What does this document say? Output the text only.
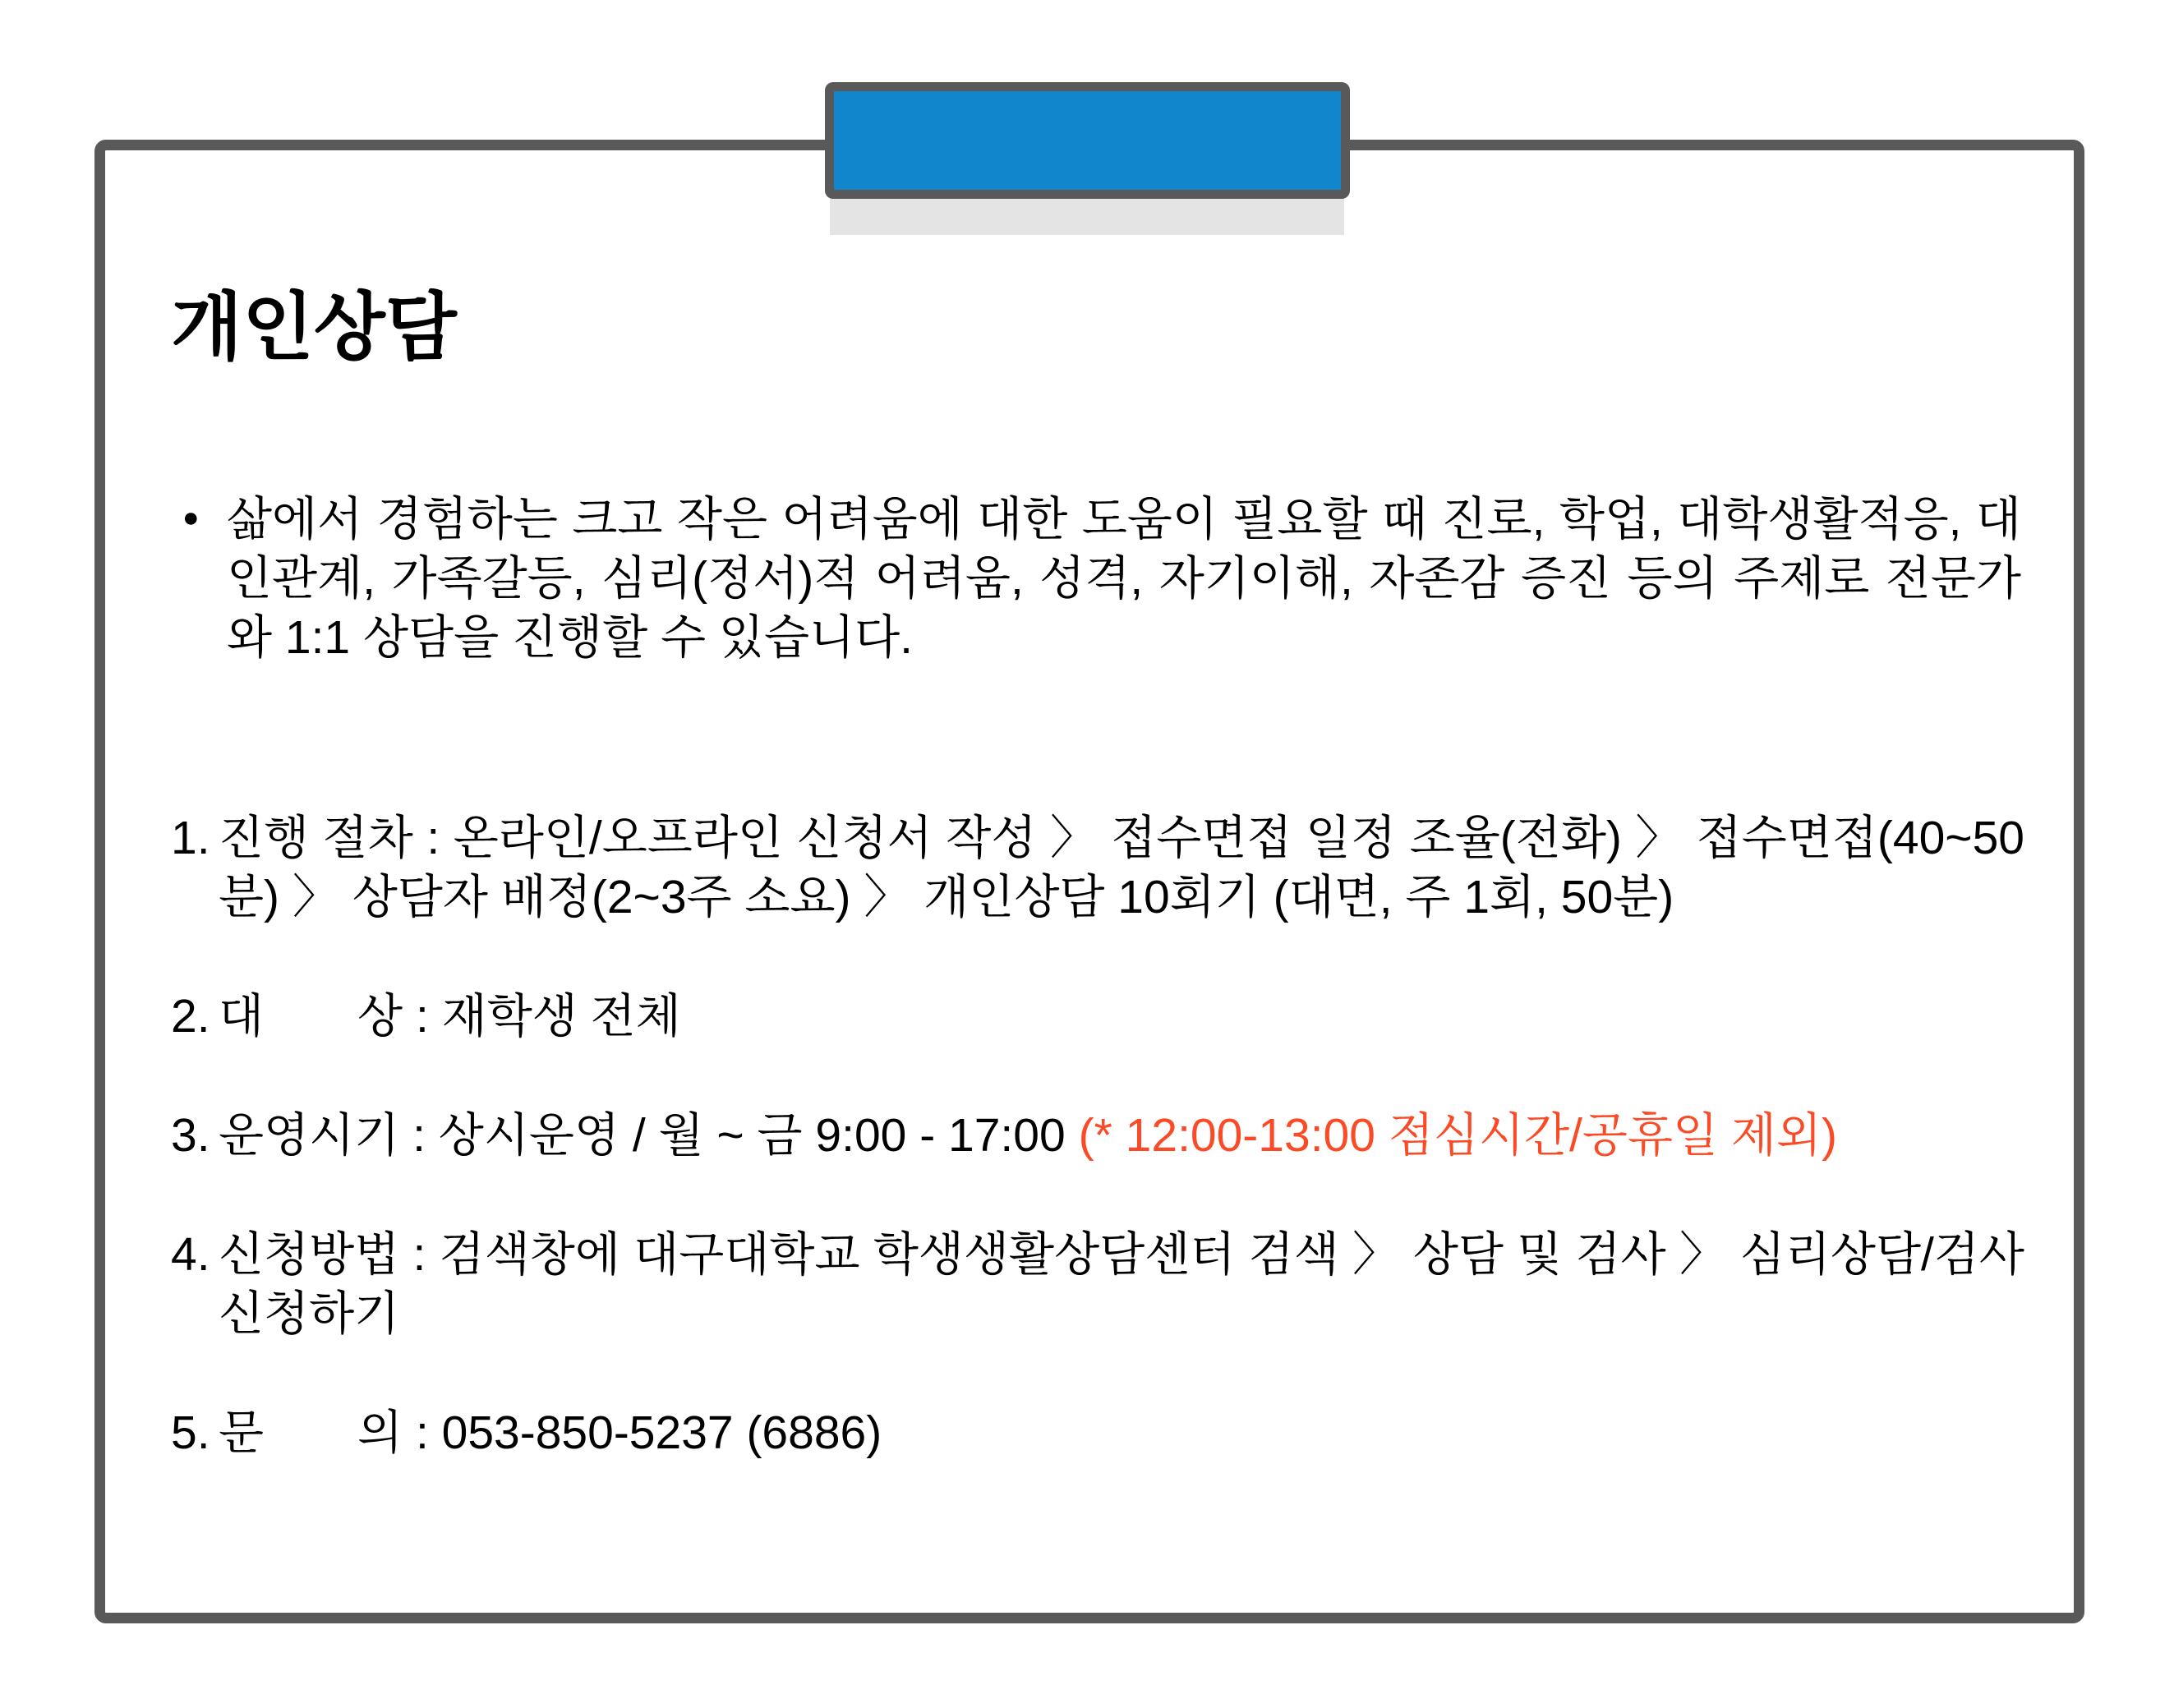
개인상담
● 삶에서 경험하는 크고 작은 어려움에 대한 도움이 필요할 때 진로, 학업, 대학생활적응, 대인관계, 가족갈등, 심리(정서)적 어려움, 성격, 자기이해, 자존감 증진 등의 주제로 전문가와 1:1 상담을 진행할 수 있습니다.
1. 진행 절차 : 온라인/오프라인 신청서 작성 〉 접수면접 일정 조율(전화) 〉 접수면접(40~50분) 〉 상담자 배정(2~3주 소요) 〉 개인상담 10회기 (대면, 주 1회, 50분)
2. 대  상 : 재학생 전체
3. 운영시기 : 상시운영 / 월 ~ 금 9:00 - 17:00 (* 12:00-13:00 점심시간/공휴일 제외)
4. 신청방법 : 검색창에 대구대학교 학생생활상담센터 검색 〉 상담 및 검사 〉 심리상담/검사 신청하기
5. 문  의 : 053-850-5237 (6886)
